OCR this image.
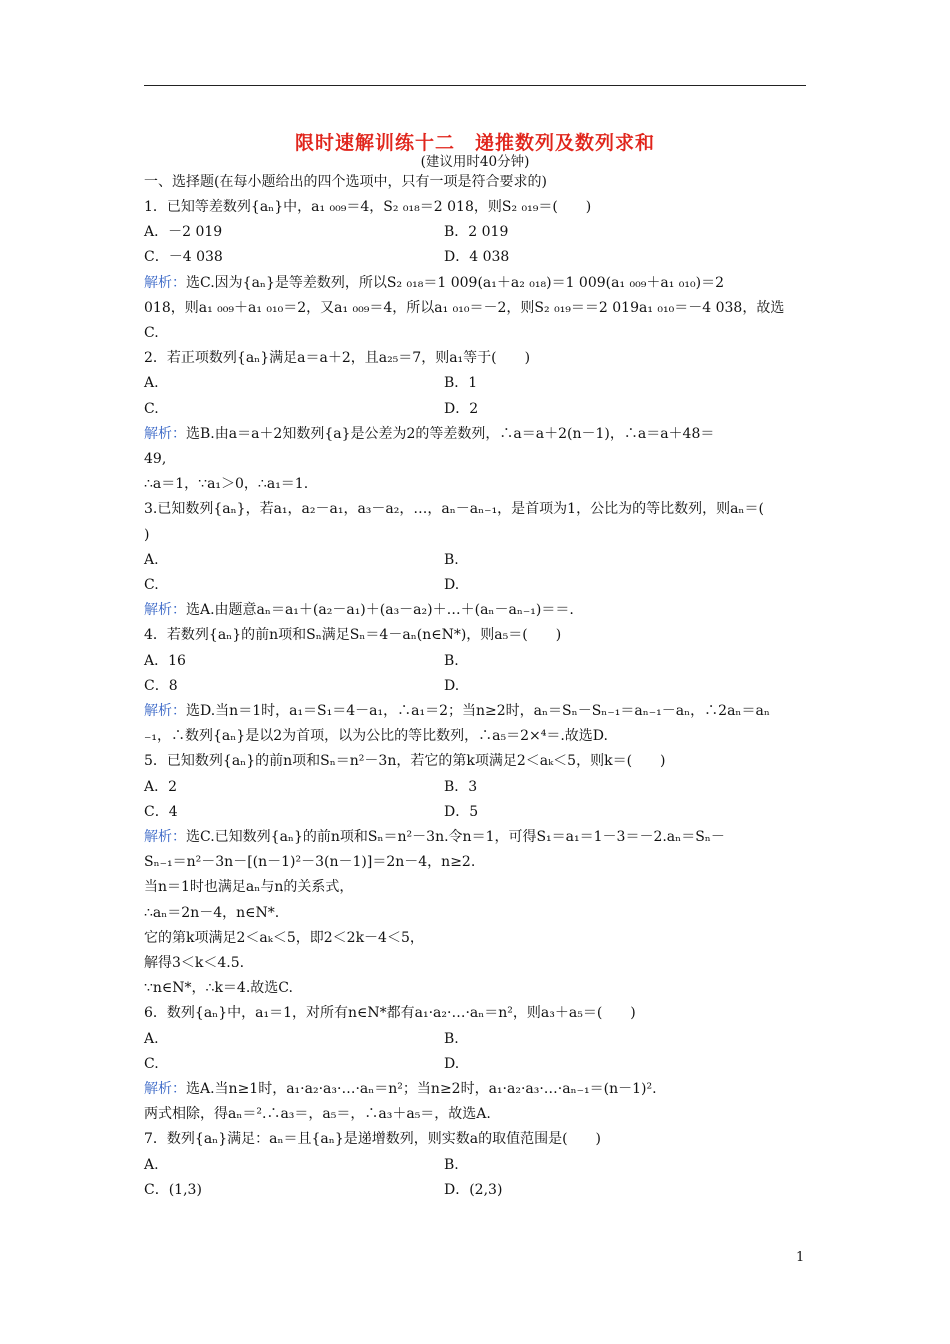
限时速解训练十二　递推数列及数列求和
(建议用时40分钟)
一、选择题(在每小题给出的四个选项中，只有一项是符合要求的)
1．已知等差数列{aₙ}中，a₁ ₀₀₉＝4，S₂ ₀₁₈＝2 018，则S₂ ₀₁₉＝(　　)
A．－2 019	B．2 019
C．－4 038	D．4 038
解析：选C.因为{aₙ}是等差数列，所以S₂ ₀₁₈＝1 009(a₁＋a₂ ₀₁₈)＝1 009(a₁ ₀₀₉＋a₁ ₀₁₀)＝2
018，则a₁ ₀₀₉＋a₁ ₀₁₀＝2，又a₁ ₀₀₉＝4，所以a₁ ₀₁₀＝－2，则S₂ ₀₁₉＝＝2 019a₁ ₀₁₀＝－4 038，故选
C.
2．若正项数列{aₙ}满足a＝a＋2，且a₂₅＝7，则a₁等于(　　)
A.	B．1
C.	D．2
解析：选B.由a＝a＋2知数列{a}是公差为2的等差数列，∴a＝a＋2(n－1)，∴a＝a＋48＝
49,
∴a＝1，∵a₁＞0，∴a₁＝1.
3.已知数列{aₙ}，若a₁，a₂－a₁，a₃－a₂，…，aₙ－aₙ₋₁，是首项为1，公比为的等比数列，则aₙ＝(
)
A.	B.
C.	D.
解析：选A.由题意aₙ＝a₁＋(a₂－a₁)＋(a₃－a₂)＋…＋(aₙ－aₙ₋₁)＝＝.
4．若数列{aₙ}的前n项和Sₙ满足Sₙ＝4－aₙ(n∈N*)，则a₅＝(　　)
A．16	B.
C．8	D.
解析：选D.当n＝1时，a₁＝S₁＝4－a₁，∴a₁＝2；当n≥2时，aₙ＝Sₙ－Sₙ₋₁＝aₙ₋₁－aₙ，∴2aₙ＝aₙ
₋₁，∴数列{aₙ}是以2为首项，以为公比的等比数列，∴a₅＝2×⁴＝.故选D.
5．已知数列{aₙ}的前n项和Sₙ＝n²－3n，若它的第k项满足2＜aₖ＜5，则k＝(　　)
A．2	B．3
C．4	D．5
解析：选C.已知数列{aₙ}的前n项和Sₙ＝n²－3n.令n＝1，可得S₁＝a₁＝1－3＝－2.aₙ＝Sₙ－
Sₙ₋₁＝n²－3n－[(n－1)²－3(n－1)]＝2n－4，n≥2.
当n＝1时也满足aₙ与n的关系式，
∴aₙ＝2n－4，n∈N*.
它的第k项满足2＜aₖ＜5，即2＜2k－4＜5，
解得3＜k＜4.5.
∵n∈N*，∴k＝4.故选C.
6．数列{aₙ}中，a₁＝1，对所有n∈N*都有a₁·a₂·…·aₙ＝n²，则a₃＋a₅＝(　　)
A.	B.
C.	D.
解析：选A.当n≥1时，a₁·a₂·a₃·…·aₙ＝n²；当n≥2时，a₁·a₂·a₃·…·aₙ₋₁＝(n－1)².
两式相除，得aₙ＝².∴a₃＝，a₅＝，∴a₃＋a₅＝，故选A.
7．数列{aₙ}满足：aₙ＝且{aₙ}是递增数列，则实数a的取值范围是(　　)
A.	B.
C．(1,3)	D．(2,3)
1
